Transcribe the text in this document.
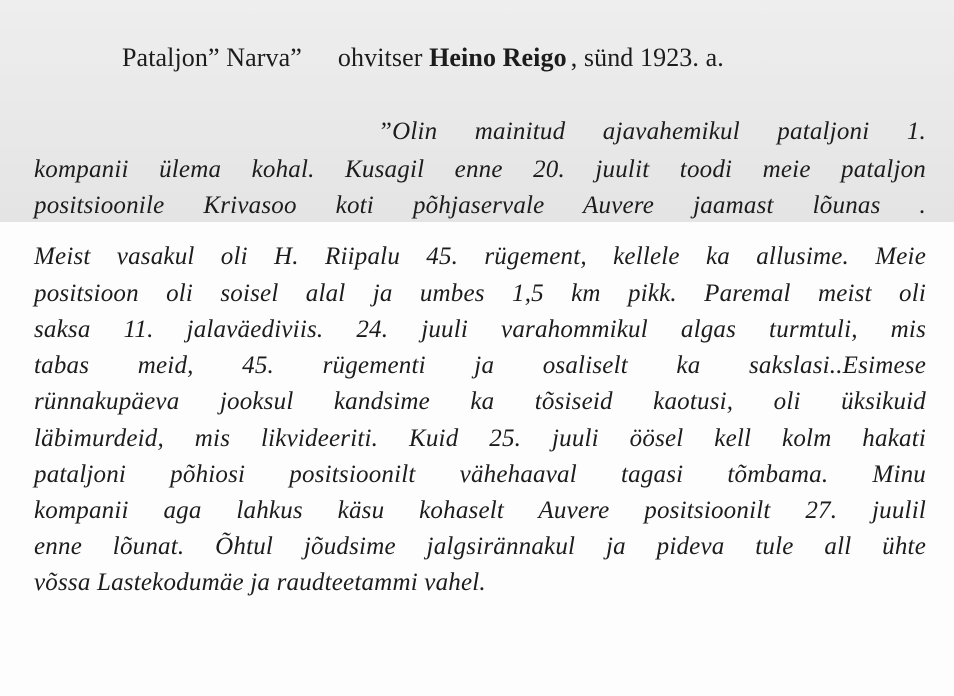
Pataljon” Narva” ohvitser Heino Reigo , sünd 1923. a.
”Olin mainitud ajavahemikul pataljoni 1.
kompanii ülema kohal. Kusagil enne 20. juulit toodi meie pataljon
positsioonile Krivasoo koti põhjaservale Auvere jaamast lõunas .
Meist vasakul oli H. Riipalu 45. rügement, kellele ka allusime. Meie
positsioon oli soisel alal ja umbes 1,5 km pikk. Paremal meist oli
saksa 11. jalaväediviis. 24. juuli varahommikul algas turmtuli, mis
tabas meid, 45. rügementi ja osaliselt ka sakslasi..Esimese
rünnakupäeva jooksul kandsime ka tõsiseid kaotusi, oli üksikuid
läbimurdeid, mis likvideeriti. Kuid 25. juuli öösel kell kolm hakati
pataljoni põhiosi positsioonilt vähehaaval tagasi tõmbama. Minu
kompanii aga lahkus käsu kohaselt Auvere positsioonilt 27. juulil
enne lõunat. Õhtul jõudsime jalgsirännakul ja pideva tule all ühte
võssa Lastekodumäe ja raudteetammi vahel.
